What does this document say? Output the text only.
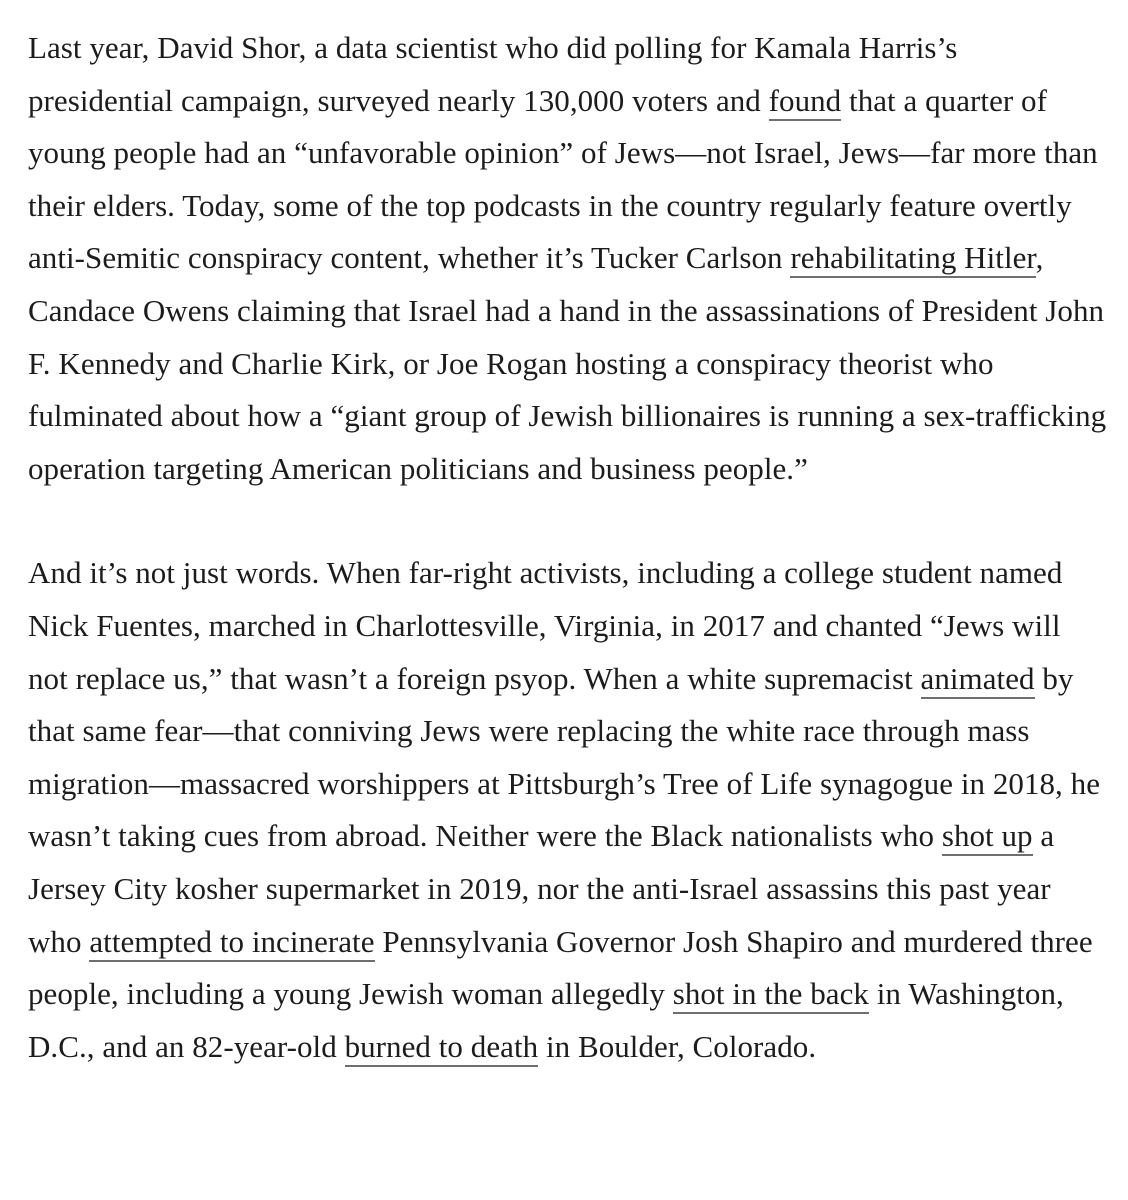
Last year, David Shor, a data scientist who did polling for Kamala Harris’s presidential campaign, surveyed nearly 130,000 voters and found that a quarter of young people had an “unfavorable opinion” of Jews—not Israel, Jews—far more than their elders. Today, some of the top podcasts in the country regularly feature overtly anti-Semitic conspiracy content, whether it’s Tucker Carlson rehabilitating Hitler, Candace Owens claiming that Israel had a hand in the assassinations of President John F. Kennedy and Charlie Kirk, or Joe Rogan hosting a conspiracy theorist who fulminated about how a “giant group of Jewish billionaires is running a sex-trafficking operation targeting American politicians and business people.”

And it’s not just words. When far-right activists, including a college student named Nick Fuentes, marched in Charlottesville, Virginia, in 2017 and chanted “Jews will not replace us,” that wasn’t a foreign psyop. When a white supremacist animated by that same fear—that conniving Jews were replacing the white race through mass migration—massacred worshippers at Pittsburgh’s Tree of Life synagogue in 2018, he wasn’t taking cues from abroad. Neither were the Black nationalists who shot up a Jersey City kosher supermarket in 2019, nor the anti-Israel assassins this past year who attempted to incinerate Pennsylvania Governor Josh Shapiro and murdered three people, including a young Jewish woman allegedly shot in the back in Washington, D.C., and an 82-year-old burned to death in Boulder, Colorado.
